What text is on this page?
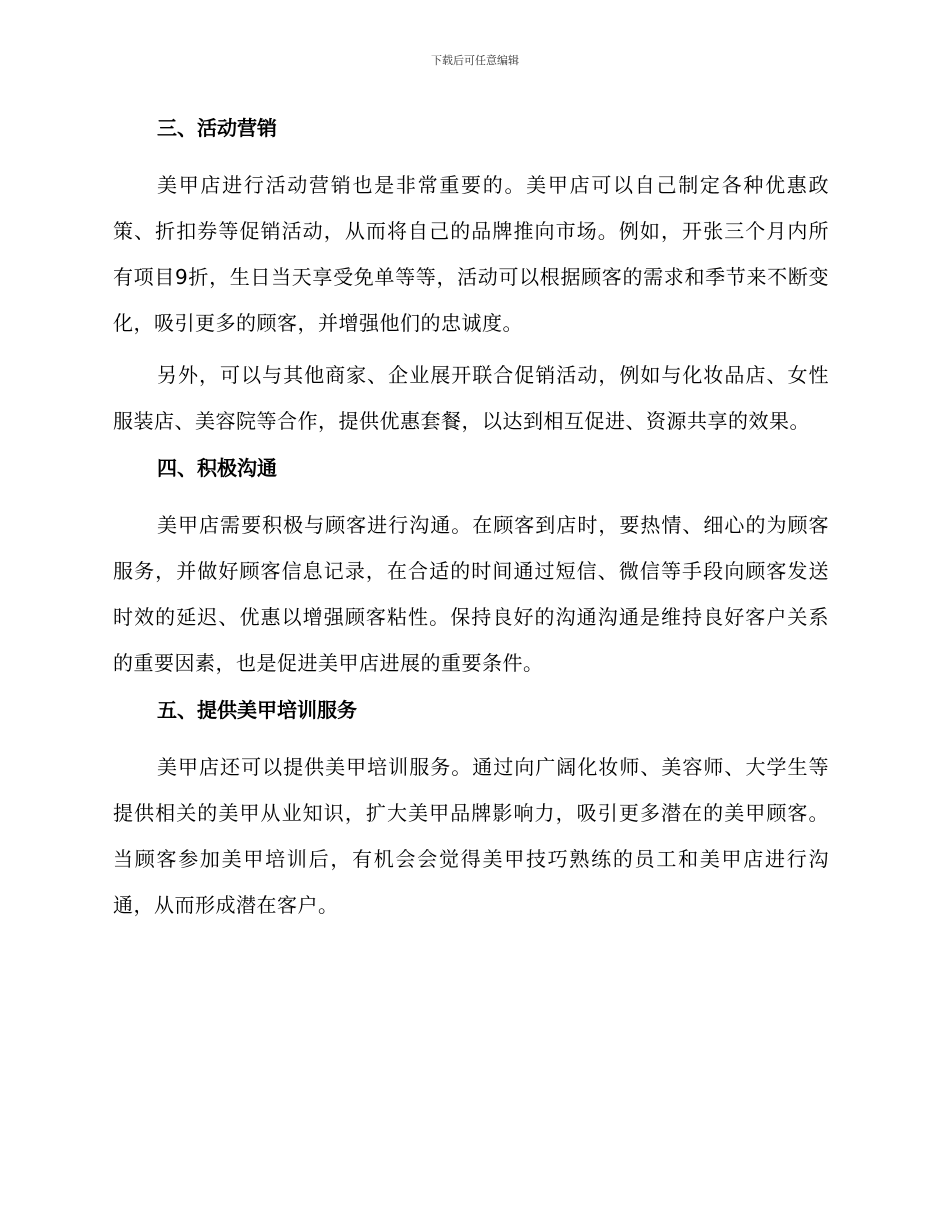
下载后可任意编辑
三、活动营销

美甲店进行活动营销也是非常重要的。美甲店可以自己制定各种优惠政策、折扣券等促销活动，从而将自己的品牌推向市场。例如，开张三个月内所有项目9折，生日当天享受免单等等，活动可以根据顾客的需求和季节来不断变化，吸引更多的顾客，并增强他们的忠诚度。

另外，可以与其他商家、企业展开联合促销活动，例如与化妆品店、女性服装店、美容院等合作，提供优惠套餐，以达到相互促进、资源共享的效果。

四、积极沟通

美甲店需要积极与顾客进行沟通。在顾客到店时，要热情、细心的为顾客服务，并做好顾客信息记录，在合适的时间通过短信、微信等手段向顾客发送时效的延迟、优惠以增强顾客粘性。保持良好的沟通沟通是维持良好客户关系的重要因素，也是促进美甲店进展的重要条件。

五、提供美甲培训服务

美甲店还可以提供美甲培训服务。通过向广阔化妆师、美容师、大学生等提供相关的美甲从业知识，扩大美甲品牌影响力，吸引更多潜在的美甲顾客。当顾客参加美甲培训后，有机会会觉得美甲技巧熟练的员工和美甲店进行沟通，从而形成潜在客户。
